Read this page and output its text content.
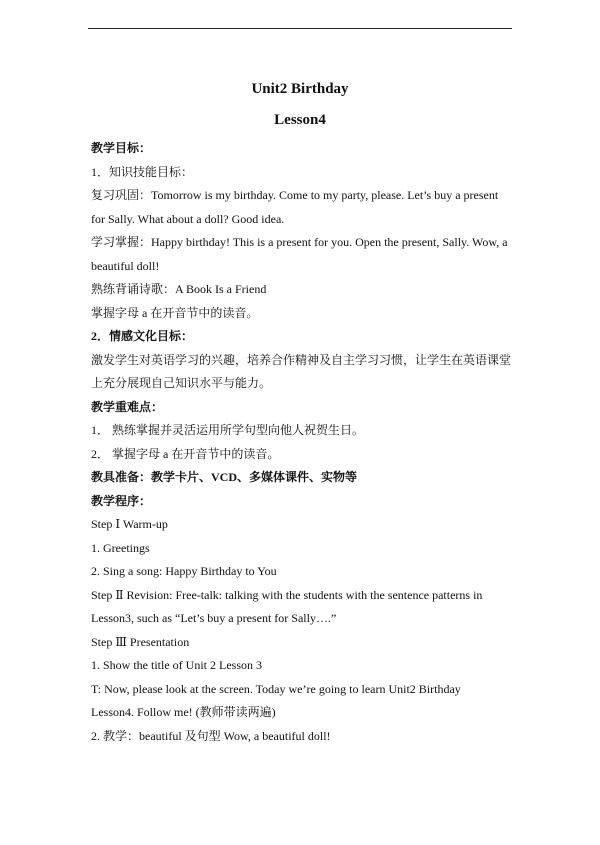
Unit2 Birthday
Lesson4
教学目标：
1．知识技能目标：
复习巩固：Tomorrow is my birthday. Come to my party, please. Let’s buy a present
for Sally. What about a doll? Good idea.
学习掌握：Happy birthday! This is a present for you. Open the present, Sally. Wow, a
beautiful doll!
熟练背诵诗歌：A Book Is a Friend
掌握字母 a 在开音节中的读音。
2．情感文化目标：
激发学生对英语学习的兴趣，培养合作精神及自主学习习惯，让学生在英语课堂
上充分展现自己知识水平与能力。
教学重难点：
1． 熟练掌握并灵活运用所学句型向他人祝贺生日。
2． 掌握字母 a 在开音节中的读音。
教具准备：教学卡片、VCD、多媒体课件、实物等
教学程序：
Step Ⅰ Warm-up
1. Greetings
2. Sing a song: Happy Birthday to You
Step Ⅱ Revision: Free-talk: talking with the students with the sentence patterns in
Lesson3, such as “Let’s buy a present for Sally….”
Step Ⅲ Presentation
1. Show the title of Unit 2 Lesson 3
T: Now, please look at the screen. Today we’re going to learn Unit2 Birthday
Lesson4. Follow me! (教师带读两遍)
2. 教学：beautiful 及句型 Wow, a beautiful doll!
